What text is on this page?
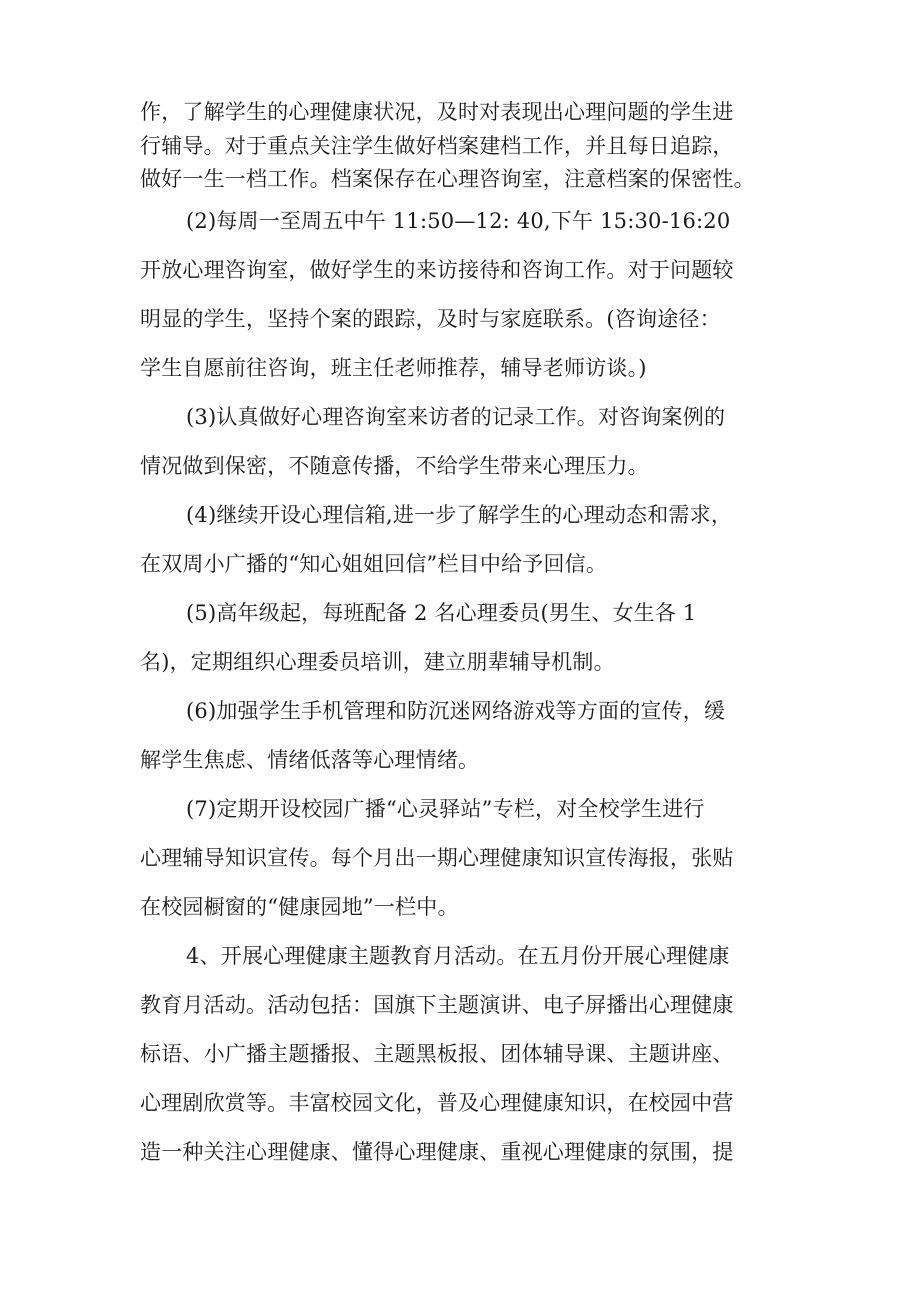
作，了解学生的心理健康状况，及时对表现出心理问题的学生进
行辅导。对于重点关注学生做好档案建档工作，并且每日追踪，
做好一生一档工作。档案保存在心理咨询室，注意档案的保密性。
(2)每周一至周五中午 11:50—12: 40,下午 15:30-16:20
开放心理咨询室，做好学生的来访接待和咨询工作。对于问题较
明显的学生，坚持个案的跟踪，及时与家庭联系。(咨询途径：
学生自愿前往咨询，班主任老师推荐，辅导老师访谈。)
(3)认真做好心理咨询室来访者的记录工作。对咨询案例的
情况做到保密，不随意传播，不给学生带来心理压力。
(4)继续开设心理信箱,进一步了解学生的心理动态和需求，
在双周小广播的“知心姐姐回信”栏目中给予回信。
(5)高年级起，每班配备 2 名心理委员(男生、女生各 1
名)，定期组织心理委员培训，建立朋辈辅导机制。
(6)加强学生手机管理和防沉迷网络游戏等方面的宣传，缓
解学生焦虑、情绪低落等心理情绪。
(7)定期开设校园广播“心灵驿站”专栏，对全校学生进行
心理辅导知识宣传。每个月出一期心理健康知识宣传海报，张贴
在校园橱窗的“健康园地”一栏中。
4、开展心理健康主题教育月活动。在五月份开展心理健康
教育月活动。活动包括：国旗下主题演讲、电子屏播出心理健康
标语、小广播主题播报、主题黑板报、团体辅导课、主题讲座、
心理剧欣赏等。丰富校园文化，普及心理健康知识，在校园中营
造一种关注心理健康、懂得心理健康、重视心理健康的氛围，提
